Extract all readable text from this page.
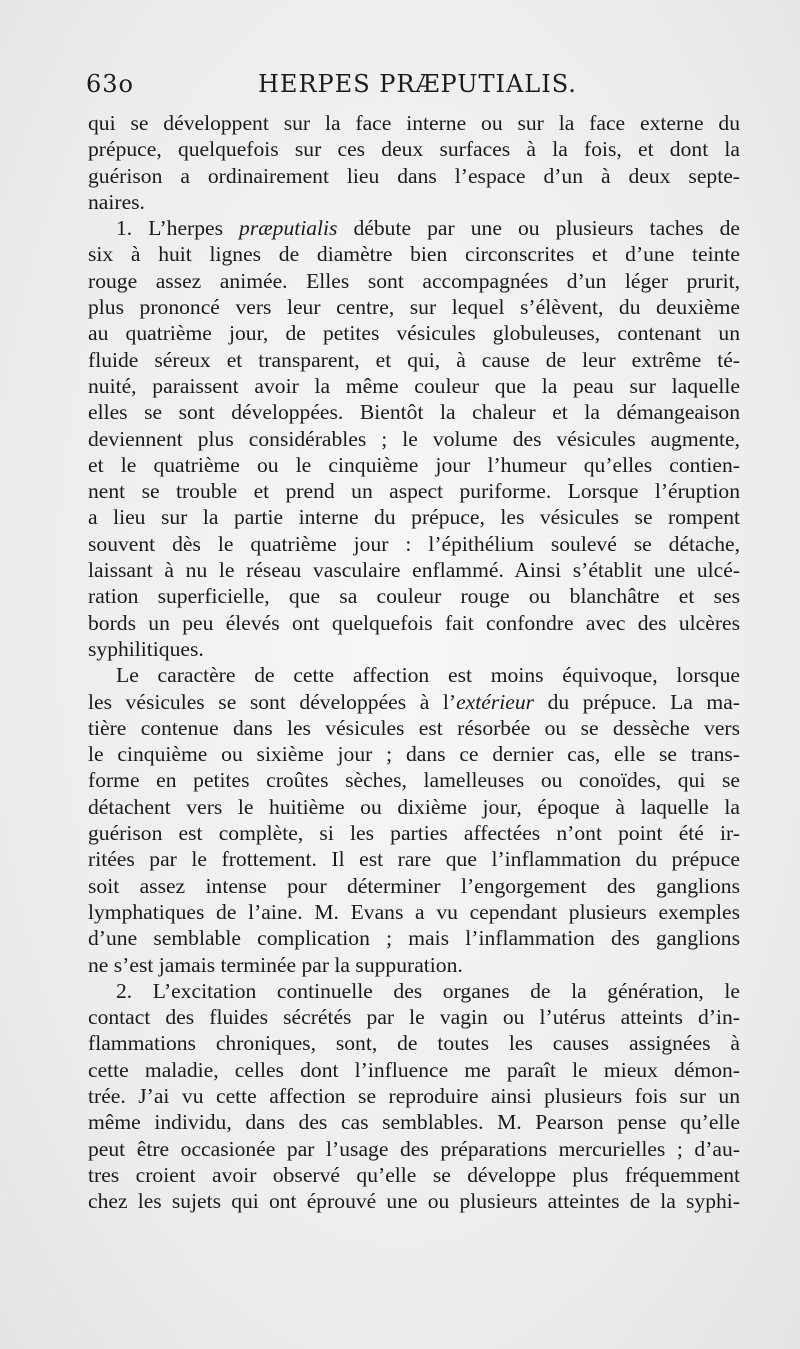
63o	HERPES PRÆPUTIALIS.
qui se développent sur la face interne ou sur la face externe du
prépuce, quelquefois sur ces deux surfaces à la fois, et dont la
guérison a ordinairement lieu dans l’espace d’un à deux septe-
naires.
1. L’herpes præputialis débute par une ou plusieurs taches de
six à huit lignes de diamètre bien circonscrites et d’une teinte
rouge assez animée. Elles sont accompagnées d’un léger prurit,
plus prononcé vers leur centre, sur lequel s’élèvent, du deuxième
au quatrième jour, de petites vésicules globuleuses, contenant un
fluide séreux et transparent, et qui, à cause de leur extrême té-
nuité, paraissent avoir la même couleur que la peau sur laquelle
elles se sont développées. Bientôt la chaleur et la démangeaison
deviennent plus considérables ; le volume des vésicules augmente,
et le quatrième ou le cinquième jour l’humeur qu’elles contien-
nent se trouble et prend un aspect puriforme. Lorsque l’éruption
a lieu sur la partie interne du prépuce, les vésicules se rompent
souvent dès le quatrième jour : l’épithélium soulevé se détache,
laissant à nu le réseau vasculaire enflammé. Ainsi s’établit une ulcé-
ration superficielle, que sa couleur rouge ou blanchâtre et ses
bords un peu élevés ont quelquefois fait confondre avec des ulcères
syphilitiques.
Le caractère de cette affection est moins équivoque, lorsque
les vésicules se sont développées à l’extérieur du prépuce. La ma-
tière contenue dans les vésicules est résorbée ou se dessèche vers
le cinquième ou sixième jour ; dans ce dernier cas, elle se trans-
forme en petites croûtes sèches, lamelleuses ou conoïdes, qui se
détachent vers le huitième ou dixième jour, époque à laquelle la
guérison est complète, si les parties affectées n’ont point été ir-
ritées par le frottement. Il est rare que l’inflammation du prépuce
soit assez intense pour déterminer l’engorgement des ganglions
lymphatiques de l’aine. M. Evans a vu cependant plusieurs exemples
d’une semblable complication ; mais l’inflammation des ganglions
ne s’est jamais terminée par la suppuration.
2. L’excitation continuelle des organes de la génération, le
contact des fluides sécrétés par le vagin ou l’utérus atteints d’in-
flammations chroniques, sont, de toutes les causes assignées à
cette maladie, celles dont l’influence me paraît le mieux démon-
trée. J’ai vu cette affection se reproduire ainsi plusieurs fois sur un
même individu, dans des cas semblables. M. Pearson pense qu’elle
peut être occasionée par l’usage des préparations mercurielles ; d’au-
tres croient avoir observé qu’elle se développe plus fréquemment
chez les sujets qui ont éprouvé une ou plusieurs atteintes de la syphi-
